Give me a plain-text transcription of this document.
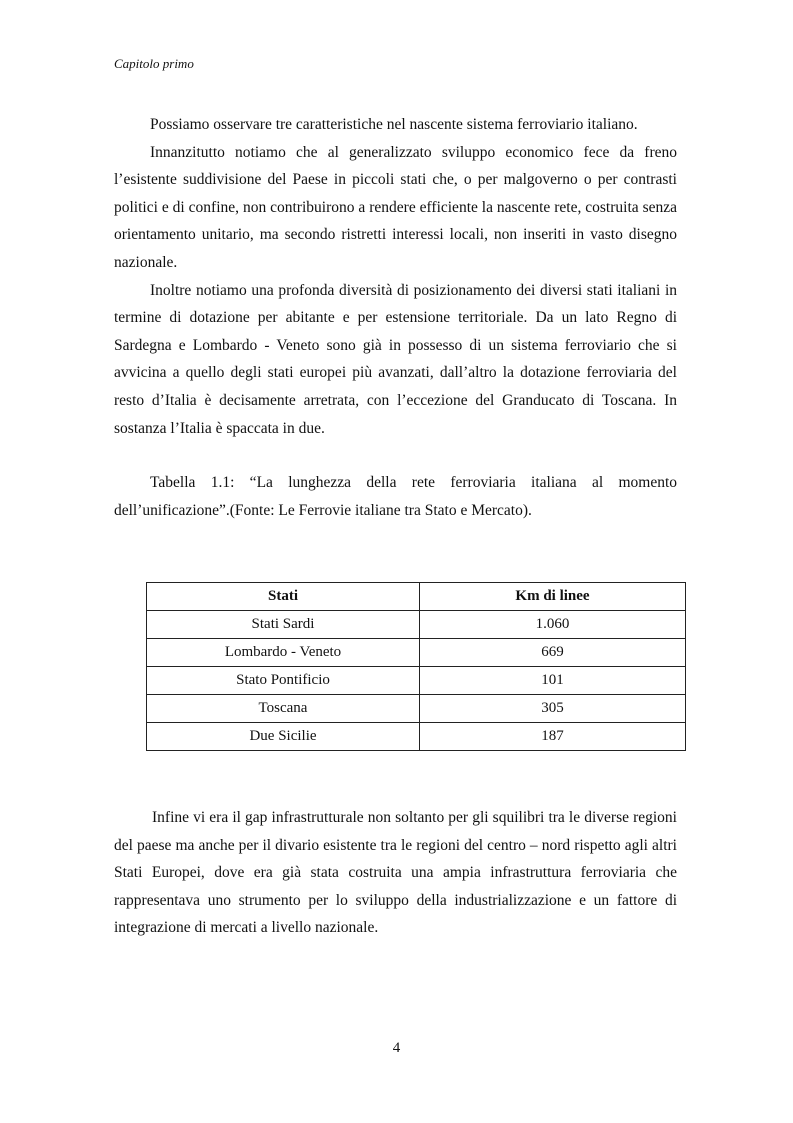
Capitolo primo

Possiamo osservare tre caratteristiche nel nascente sistema ferroviario italiano.

Innanzitutto notiamo che al generalizzato sviluppo economico fece da freno l’esistente suddivisione del Paese in piccoli stati che, o per malgoverno o per contrasti politici e di confine, non contribuirono a rendere efficiente la nascente rete, costruita senza orientamento unitario, ma secondo ristretti interessi locali, non inseriti in vasto disegno nazionale.

Inoltre notiamo una profonda diversità di posizionamento dei diversi stati italiani in termine di dotazione per abitante e per estensione territoriale. Da un lato Regno di Sardegna e Lombardo - Veneto sono già in possesso di un sistema ferroviario che si avvicina a quello degli stati europei più avanzati, dall’altro la dotazione ferroviaria del resto d’Italia è decisamente arretrata, con l’eccezione del Granducato di Toscana. In sostanza l’Italia è spaccata in due.

Tabella 1.1: “La lunghezza della rete ferroviaria italiana al momento dell’unificazione”.(Fonte: Le Ferrovie italiane tra Stato e Mercato).

Stati	Km di linee
Stati Sardi	1.060
Lombardo - Veneto	669
Stato Pontificio	101
Toscana	305
Due Sicilie	187

Infine vi era il gap infrastrutturale non soltanto per gli squilibri tra le diverse regioni del paese ma anche per il divario esistente tra le regioni del centro – nord rispetto agli altri Stati Europei, dove era già stata costruita una ampia infrastruttura ferroviaria che rappresentava uno strumento per lo sviluppo della industrializzazione e un fattore di integrazione di mercati a livello nazionale.

4
